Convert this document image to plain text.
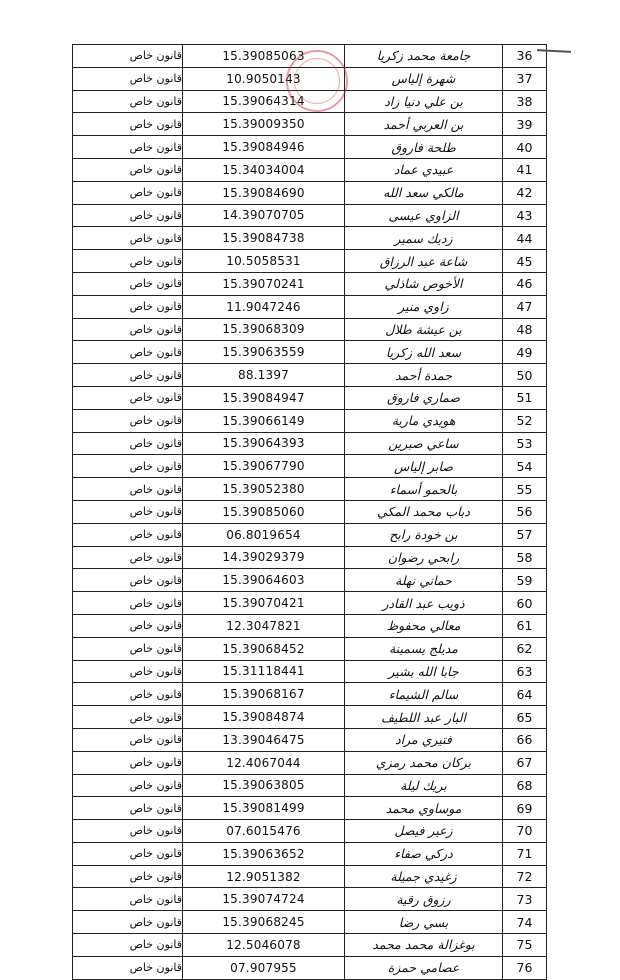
قانون خاص	15.39085063	جامعة محمد زكريا	36
قانون خاص	10.9050143	شهرة إلياس	37
قانون خاص	15.39064314	بن علي دنيا زاد	38
قانون خاص	15.39009350	بن العربي أحمد	39
قانون خاص	15.39084946	طلحة فاروق	40
قانون خاص	15.34034004	عبيدي عماد	41
قانون خاص	15.39084690	مالكي سعد الله	42
قانون خاص	14.39070705	الزاوي عيسى	43
قانون خاص	15.39084738	زديك سمير	44
قانون خاص	10.5058531	شاعة عبد الرزاق	45
قانون خاص	15.39070241	الأخوص شاذلي	46
قانون خاص	11.9047246	زاوي منير	47
قانون خاص	15.39068309	بن عيشة طلال	48
قانون خاص	15.39063559	سعد الله زكريا	49
قانون خاص	88.1397	حمدة أحمد	50
قانون خاص	15.39084947	صماري فاروق	51
قانون خاص	15.39066149	هويدي مارية	52
قانون خاص	15.39064393	ساعي صبرين	53
قانون خاص	15.39067790	صابر إلياس	54
قانون خاص	15.39052380	بالحمو أسماء	55
قانون خاص	15.39085060	دباب محمد المكي	56
قانون خاص	06.8019654	بن خودة رابح	57
قانون خاص	14.39029379	رابحي رضوان	58
قانون خاص	15.39064603	حماني نهلة	59
قانون خاص	15.39070421	ذويب عبد القادر	60
قانون خاص	12.3047821	معالي محفوظ	61
قانون خاص	15.39068452	مديلج يسمينة	62
قانون خاص	15.31118441	جابا الله بشير	63
قانون خاص	15.39068167	سالم الشيماء	64
قانون خاص	15.39084874	البار عبد اللطيف	65
قانون خاص	13.39046475	فتيري مراد	66
قانون خاص	12.4067044	بركان محمد رمزي	67
قانون خاص	15.39063805	بريك ليلة	68
قانون خاص	15.39081499	موساوي محمد	69
قانون خاص	07.6015476	زعير فيصل	70
قانون خاص	15.39063652	دركي صفاء	71
قانون خاص	12.9051382	زغيدي جميلة	72
قانون خاص	15.39074724	رزوق رقية	73
قانون خاص	15.39068245	بسي رضا	74
قانون خاص	12.5046078	بوغزالة محمد محمد	75
قانون خاص	07.907955	عصامي حمزة	76
